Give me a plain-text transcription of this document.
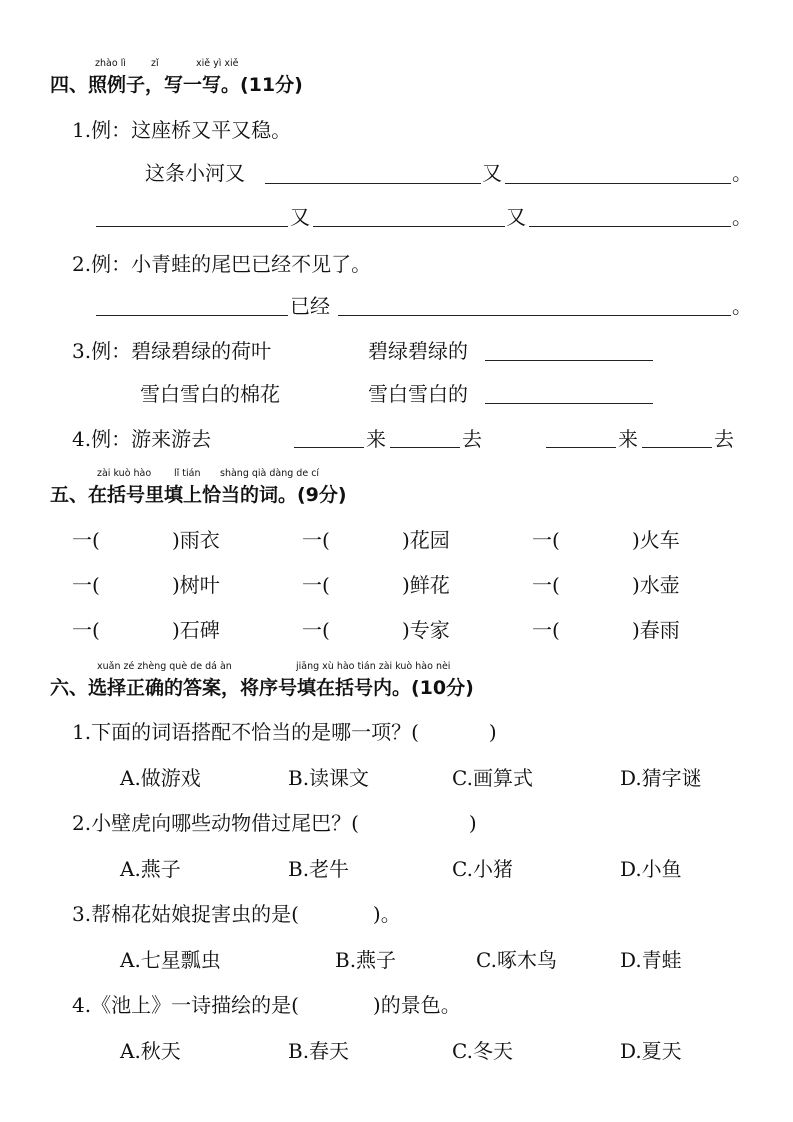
zhào lì	zǐ	xiě yì xiě
四、照例子，写一写。(11分)
1.例：这座桥又平又稳。
这条小河又	又	。
又	又	。
2.例：小青蛙的尾巴已经不见了。
已经	。
3.例：碧绿碧绿的荷叶	碧绿碧绿的
雪白雪白的棉花	雪白雪白的
4.例：游来游去	来	去	来	去
zài kuò hào lǐ tián shàng qià dàng de cí
五、在括号里填上恰当的词。(9分)
一(	)雨衣	一(	)花园	一(	)火车
一(	)树叶	一(	)鲜花	一(	)水壶
一(	)石碑	一(	)专家	一(	)春雨
xuǎn zé zhèng què de dá àn	jiāng xù hào tián zài kuò hào nèi
六、选择正确的答案，将序号填在括号内。(10分)
1.下面的词语搭配不恰当的是哪一项？(	)
A.做游戏	B.读课文	C.画算式	D.猜字谜
2.小壁虎向哪些动物借过尾巴？(	)
A.燕子	B.老牛	C.小猪	D.小鱼
3.帮棉花姑娘捉害虫的是(	)。
A.七星瓢虫	B.燕子	C.啄木鸟	D.青蛙
4.《池上》一诗描绘的是(	)的景色。
A.秋天	B.春天	C.冬天	D.夏天
